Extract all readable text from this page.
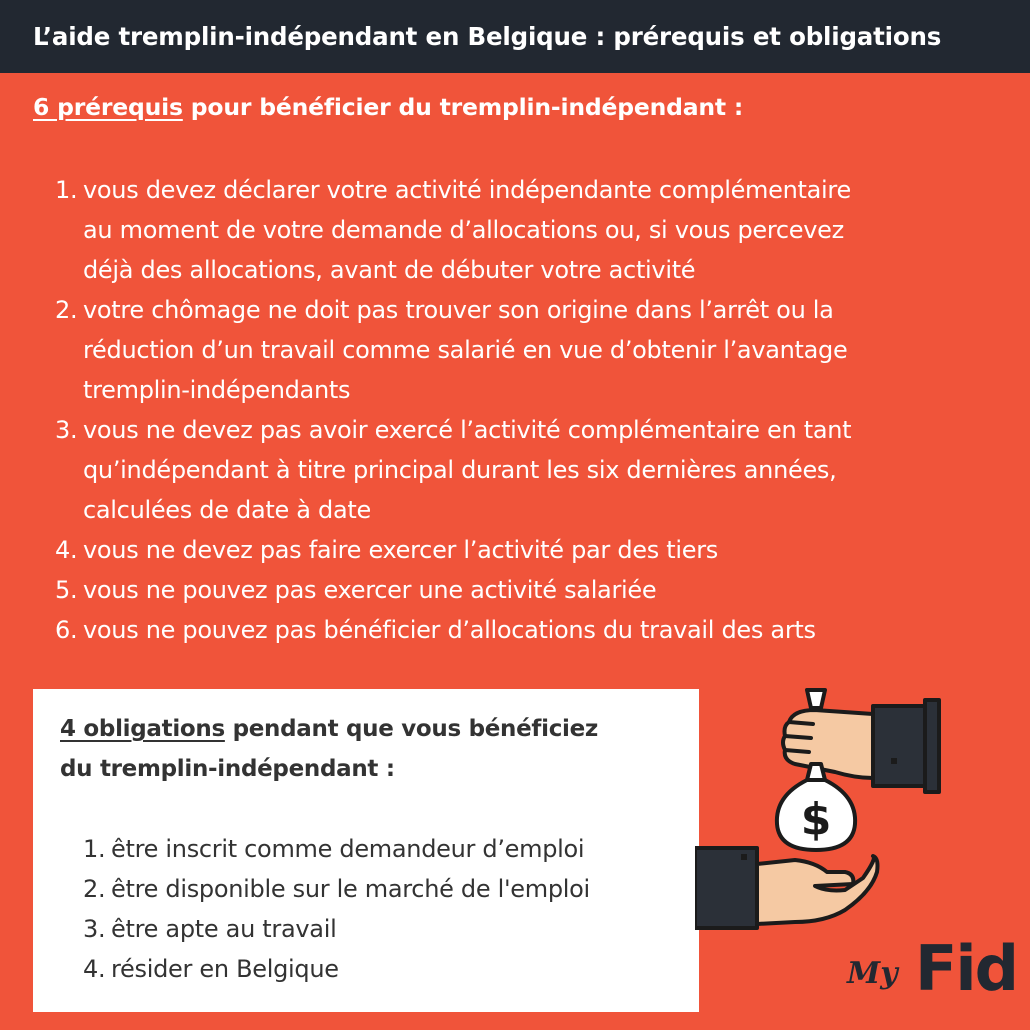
L’aide tremplin-indépendant en Belgique : prérequis et obligations
6 prérequis pour bénéficier du tremplin-indépendant :
1. vous devez déclarer votre activité indépendante complémentaire
au moment de votre demande d’allocations ou, si vous percevez
déjà des allocations, avant de débuter votre activité
2. votre chômage ne doit pas trouver son origine dans l’arrêt ou la
réduction d’un travail comme salarié en vue d’obtenir l’avantage
tremplin-indépendants
3. vous ne devez pas avoir exercé l’activité complémentaire en tant
qu’indépendant à titre principal durant les six dernières années,
calculées de date à date
4. vous ne devez pas faire exercer l’activité par des tiers
5. vous ne pouvez pas exercer une activité salariée
6. vous ne pouvez pas bénéficier d’allocations du travail des arts
4 obligations pendant que vous bénéficiez
du tremplin-indépendant :
1. être inscrit comme demandeur d’emploi
2. être disponible sur le marché de l'emploi
3. être apte au travail
4. résider en Belgique
$
My Fid
